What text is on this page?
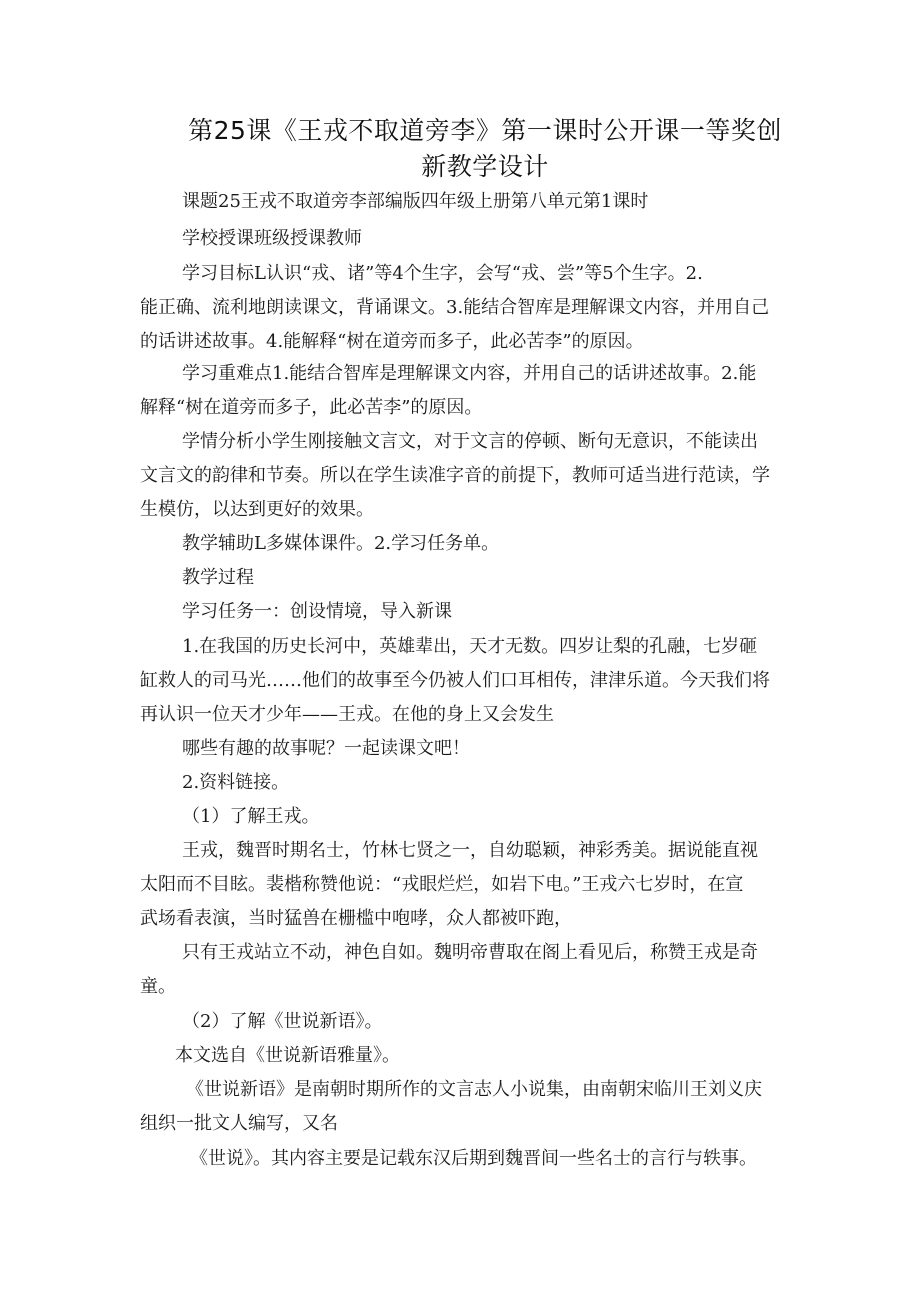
第25课《王戎不取道旁李》第一课时公开课一等奖创
新教学设计
课题25王戎不取道旁李部编版四年级上册第八单元第1课时
学校授课班级授课教师
学习目标L认识“戎、诸”等4个生字，会写“戎、尝”等5个生字。2.
能正确、流利地朗读课文，背诵课文。3.能结合智库是理解课文内容，并用自己
的话讲述故事。4.能解释“树在道旁而多子，此必苦李”的原因。
学习重难点1.能结合智库是理解课文内容，并用自己的话讲述故事。2.能
解释“树在道旁而多子，此必苦李”的原因。
学情分析小学生刚接触文言文，对于文言的停顿、断句无意识，不能读出
文言文的韵律和节奏。所以在学生读准字音的前提下，教师可适当进行范读，学
生模仿，以达到更好的效果。
教学辅助L多媒体课件。2.学习任务单。
教学过程
学习任务一：创设情境，导入新课
1.在我国的历史长河中，英雄辈出，天才无数。四岁让梨的孔融，七岁砸
缸救人的司马光……他们的故事至今仍被人们口耳相传，津津乐道。今天我们将
再认识一位天才少年——王戎。在他的身上又会发生
哪些有趣的故事呢？一起读课文吧！
2.资料链接。
（1）了解王戎。
王戎，魏晋时期名士，竹林七贤之一，自幼聪颖，神彩秀美。据说能直视
太阳而不目眩。裴楷称赞他说：“戎眼烂烂，如岩下电。”王戎六七岁时，在宣
武场看表演，当时猛兽在栅槛中咆哮，众人都被吓跑，
只有王戎站立不动，神色自如。魏明帝曹取在阁上看见后，称赞王戎是奇
童。
（2）了解《世说新语》。
本文选自《世说新语雅量》。
《世说新语》是南朝时期所作的文言志人小说集，由南朝宋临川王刘义庆
组织一批文人编写，又名
《世说》。其内容主要是记载东汉后期到魏晋间一些名士的言行与轶事。
